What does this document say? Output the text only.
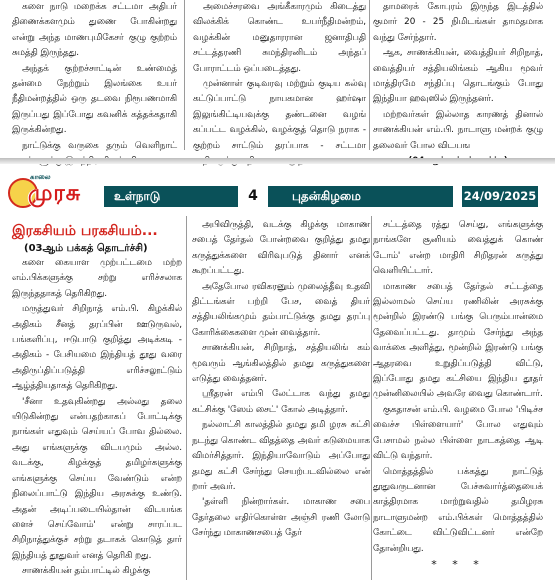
களை நாடு மறைக்க சட்டமா அதிபர் திணைக்களமும் துணை போகின்றது என்று அந்த மாணபுமிகேசா் குழு குற்றம் சுமத்தி இருந்தது.

அந்தக் குற்றச்சாட்டின் உண்மைத் தன்மை நேற்றும் இலங்கை உயர் நீதிமன்றத்தில் ஒரு தடவை நிரூபணமாகி இருப்பது இப்போது கவனிக் கத்தக்கதாகி இருக்கின்றது.

நாட்டுக்கு வருகை தரும் வெளிநாட்

அமைச்சரவை அங்கீகாரமும் கிடைத்து விலக்கிக் கொண்ட உயர்நீதிமன்றம், வழக்கின் மனுதாரரான ஜனாதிபதி சட்டத்தரணி சுமந்திரனிடம் அந்தப் போராட்டம் ஒப்படைத்தது.

முன்னாள் குடிவரவு மற்றும் குடிய கல்வு கட்டுப்பாட்டு நாயகமான ஹர்ஷா இலுங்கிட்டியவுக்கு தண்டனை வழங் கப்பட்ட வழக்கில், வழக்குத் தொடு நராக - குற்றம் சாட்டும் தரப்பாக - சட்டமா

தாமரைக் கோபுரம் இருந்த இடத்தில் குமார் 20 - 25 நிமிடங்கள் தாமதமாக வந்து சேர்ந்தார்.

ஆக, சாணக்கியன், வைத்தியர் சிறிநாத், வைத்தியர் சத்தியலிங்கம் ஆகிய மூவர் மாத்திரமே சந்திப்பு தொடங்கும் போது இந்தியா ஹவுஸில் இருந்தனர்.

மற்றவர்கள் இல்லாத காரணத் தினால் சாணக்கியன் எம்.பி. நாடாளு மன்றக் குழு தலைவர் போல விடயங

காலை
முரசு	உள்நாடு	4	புதன்கிழமை	24/09/2025
இரகசியம் பரகசியம்...
(03ஆம் பக்கத் தொடர்ச்சி)

களை கையாள முற்பட்டமை மற்ற எம்.பிக்களுக்கு சற்று எரிச்சலாக இருந்ததாகத் தெரிகிறது.

மருத்துவர் சிறிநாத் எம்.பி. கிழக்கில் அதிகம் சீனத் தரப்பின் ஊடுருவல், பங்களிப்பு, ஈடுபாடு குறித்து அடிக்கடி - அதிகம் - பேசியமை இந்தியத் தூது வரை அதிருப்திப்படுத்தி எரிச்சலூட்டும் ஆழ்த்தியதாகத் தெரிகிறது.

'சீனா உதவுகின்றது அல்லது தலை யிடுகின்றது என்பதற்காகப் போட்டிக்கு நாங்கள் எதுவும் செய்யப் போவ தில்லை. அது எங்களுக்கு விடயமும் அல்ல. வடக்கு, கிழக்குத் தமிழர்களுக்கு எங்களுக்கு செய்ய வேண்டும் என்ற நிலைப்பாட்டு இந்திய அரசுக்கு உண்டு. அதன் அடிப்படையில்தான் விடயங்க ளைச் செய்வோம்' என்று சாரப்பட சிறிநாத்துக்குச் சற்று தடாகக் கொடுத் தார் இந்தியத் தூதுவர் எனத் தெரிகி றது.

சாணக்கியன் தம்பாட்டில் கிழக்கு

அபிவிருத்தி, வடக்கு கிழக்கு மாகாண சபைத் தேர்தல் போன்றவை குறித்து தமது கருத்துக்களை விரிவுபடுத் தினார் எனக் கூறப்பட்டது.

அதேபோல ரவிகரனும் முலைத்தீவு உதவி திட்டங்கள் பற்றி பேச, வைத் தியர் சத்தியலிங்கமும் தம்பாட்டுக்கு தமது தரப்பு கோரிக்கைகளை முன் வைத்தார்.

சாணக்கியன், சிறிநாத், சத்தியலிங் கம் மூவரும் ஆங்கிலத்தில் தமது கருத்துகளை எடுத்து வைத்தனர்.

ஸ்ரீதரன் எம்பி லேட்டாக வந்து தமது கட்சிக்கு 'ஸேம் சைட்' கோல் அடித்தார்.

நல்லாட்சி காலத்தில் தமது தமி ழரசு கட்சி நடந்து கொண்ட விதத்தை அவர் கடுமையாக விமர்சித்தார். இந்தியாவோடும் அப்போது தமது கட்சி சேர்ந்து செயற்படவில்லை என் றார் அவர்.

'தள்ளி நின்றார்கள். மாகாண சபை தேர்தலை எதிர்கொள்ள அஞ்சி ரணி லோடு சேர்ந்து மாகாணசபைத் தேர்

சட்டத்தை ரத்து செய்து, எங்களுக்கு நாங்களே சூனியம் வைத்துக் கொண் டோம்' என்ற மாதிரி சிறிதரன் கருத்து வெளியிட்டார்.

மாகாண சபைத் தேர்தல் சட்டத்தை இல்லாமல் செய்ய ரணிலின் அரசுக்கு மூன்றில் இரண்டு பங்கு பெரும்பான்மை தேவைப்பட்டது. தாமும் சேர்ந்து அந்த வாக்கை அளித்து, மூன்றில் இரண்டு பங்கு ஆதரவை உறுதிப்படுத்தி விட்டு, இப்போது தமது கட்சியை இந்திய தூதர் முன்னிலையில் அவரே வைது கொண்டார்.

குகதாசன் எம்.பி. வழமை போல 'பிடிச்ச வைச்ச பிள்ளையார்' போல எதுவும் பேசாமல் நல்ல பிள்ளை நாடகத்தை ஆடி விட்டு வந்தார்.

மொத்தத்தில் பக்கத்து நாட்டுத் தூதுவருடனான பேச்சுவார்த்தையைக் காத்திரமாக மாற்றுவதில் தமிழரசு நாடாளுமன்ற எம்.பிக்கள் மொத்தத்தில் கோட்டை விட்டுவிட்டனர் என்றே தோன்றியது.

* * *
